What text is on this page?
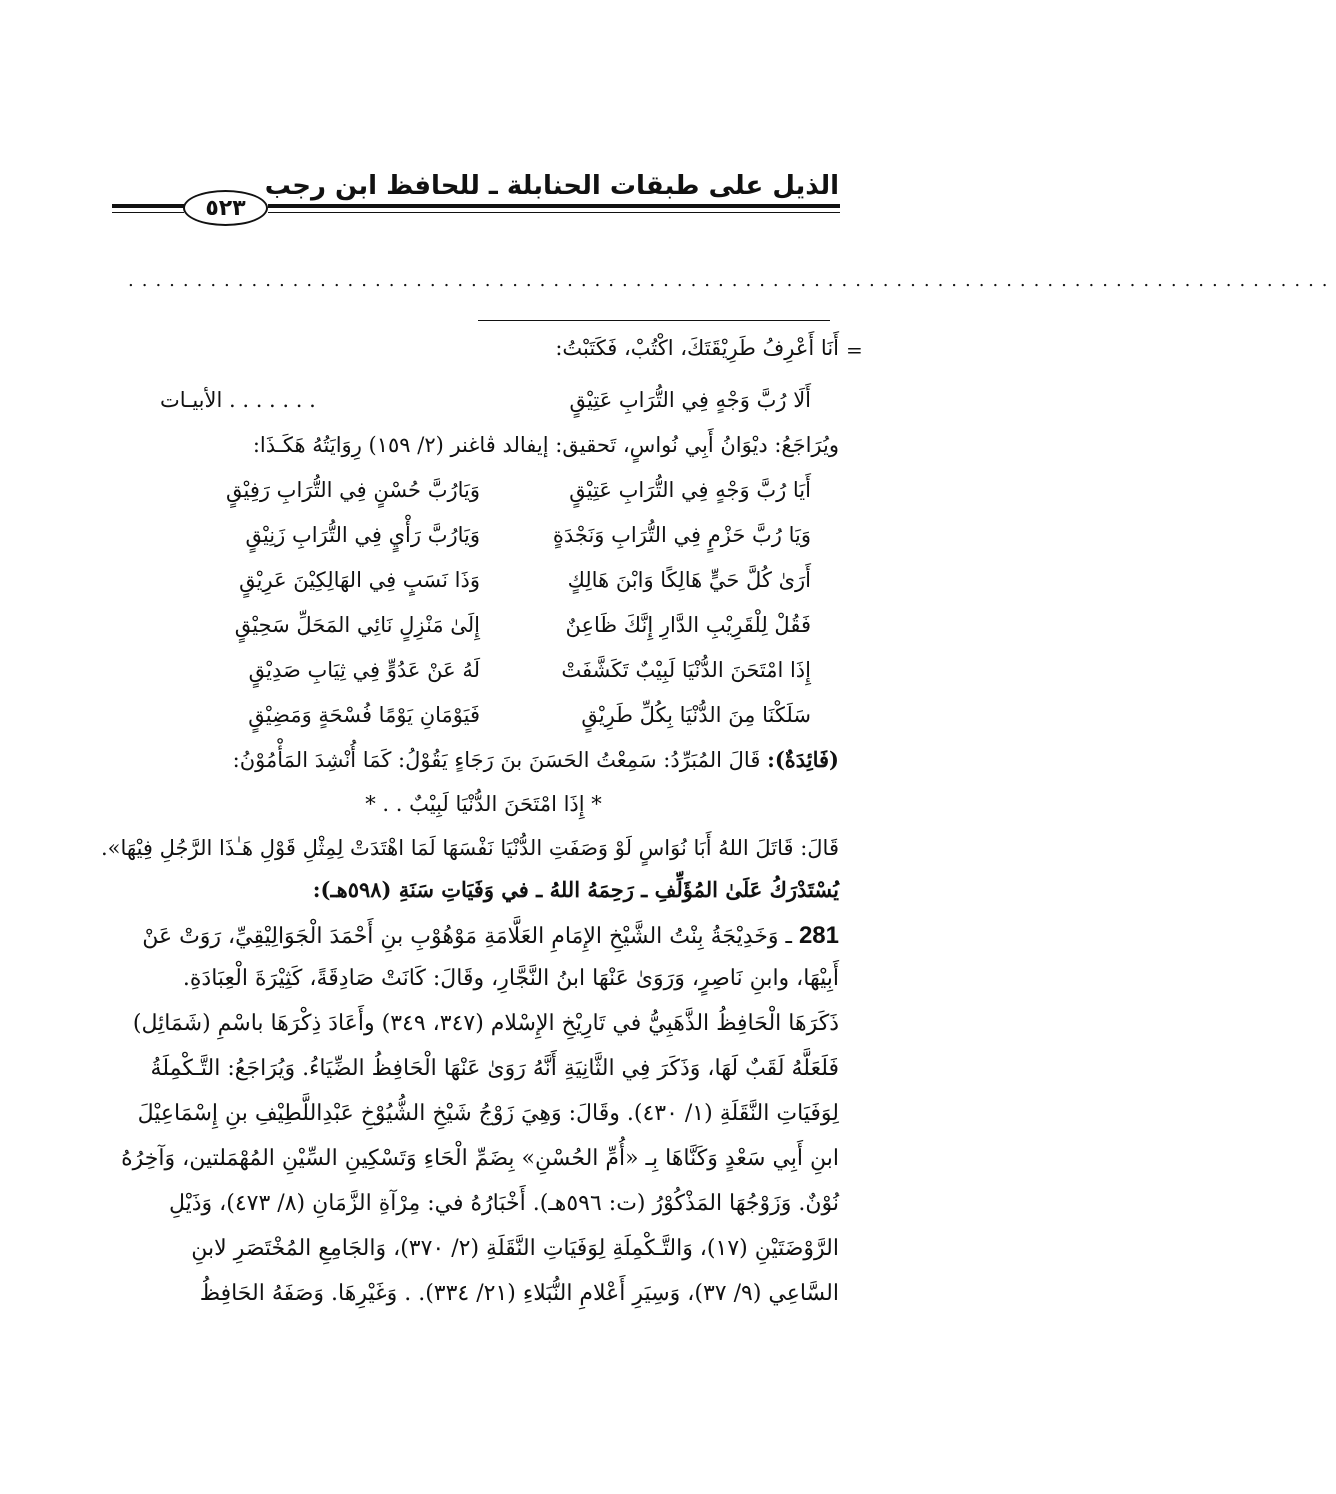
الذيل على طبقات الحنابلة ـ للحافظ ابن رجب
٥٢٣
........................................................................................
=
أَنَا أَعْرِفُ طَرِيْقَتَكَ، اكْتُبْ، فَكَتَبْتُ:
أَلَا رُبَّ وَجْهٍ فِي التُّرَابِ عَتِيْقٍ
. . . . . . . الأبيـات
ويُرَاجَعُ: ديْوَانُ أَبِي نُواسٍ، تَحقيق: إيفالد ڤاغنر (٢/ ١٥٩) رِوَايَتُهُ هَكَـذَا:
أَيَا رُبَّ وَجْهٍ فِي التُّرَابِ عَتِيْقٍ
وَيَارُبَّ حُسْنٍ فِي التُّرَابِ رَفِيْقٍ
وَيَا رُبَّ حَزْمٍ فِي التُّرَابِ وَنَجْدَةٍ
وَيَارُبَّ رَأْيٍ فِي التُّرَابِ زَنِيْقٍ
أَرَىٰ كُلَّ حَيٍّ هَالِكًا وَابْنَ هَالِكٍ
وَذَا نَسَبٍ فِي الهَالِكِيْنَ عَرِيْقٍ
فَقُلْ لِلْقَرِيْبِ الدَّارِ إِنَّكَ ظَاعِنٌ
إِلَىٰ مَنْزِلٍ نَائِي المَحَلِّ سَحِيْقٍ
إِذَا امْتَحَنَ الدُّنْيَا لَبِيْبٌ تَكَشَّفَتْ
لَهُ عَنْ عَدُوٍّ فِي ثِيَابِ صَدِيْقٍ
سَلَكْنَا مِنَ الدُّنْيَا بِكُلِّ طَرِيْقٍ
فَيَوْمَانِ يَوْمًا فُسْحَةٍ وَمَضِيْقٍ
(فَائِدَةٌ): قَالَ المُبَرِّدُ: سَمِعْتُ الحَسَنَ بنَ رَجَاءٍ يَقُوْلُ: كَمَا أُنْشِدَ المَأْمُوْنُ:
* إِذَا امْتَحَنَ الدُّنْيَا لَبِيْبٌ . . *
قَالَ: قَاتَلَ اللهُ أَبَا نُوَاسٍ لَوْ وَصَفَتِ الدُّنْيَا نَفْسَهَا لَمَا اهْتَدَتْ لِمِثْلِ قَوْلِ هَـٰذَا الرَّجُلِ فِيْهَا».
يُسْتَدْرَكُ عَلَىٰ المُؤَلِّفِ ـ رَحِمَهُ اللهُ ـ في وَفَيَاتِ سَنَةِ (٥٩٨هـ):
281 ـ وَخَدِيْجَةُ بِنْتُ الشَّيْخِ الإِمَامِ العَلَّامَةِ مَوْهُوْبِ بنِ أَحْمَدَ الْجَوَالِيْقِيِّ، رَوَتْ عَنْ
أَبِيْهَا، وابنِ نَاصِرٍ، وَرَوَىٰ عَنْهَا ابنُ النَّجَّارِ، وقَالَ: كَانَتْ صَادِقَةً، كَثِيْرَةَ الْعِبَادَةِ.
ذَكَرَهَا الْحَافِظُ الذَّهَبِيُّ في تَارِيْخِ الإِسْلام (٣٤٧، ٣٤٩) وأَعَادَ ذِكْرَهَا باسْمِ (شَمَائِل)
فَلَعَلَّهُ لَقَبٌ لَهَا، وَذَكَرَ فِي الثَّانِيَةِ أَنَّهُ رَوَىٰ عَنْهَا الْحَافِظُ الضِّيَاءُ. وَيُرَاجَعُ: التَّـكْمِلَةُ
لِوَفَيَاتِ النَّقَلَةِ (١/ ٤٣٠). وقَالَ: وَهِيَ زَوْجُ شَيْخِ الشُّيُوْخِ عَبْدِاللَّطِيْفِ بنِ إِسْمَاعِيْلَ
ابنِ أَبِي سَعْدٍ وَكَنَّاهَا بِـ «أُمِّ الحُسْنِ» بِضَمِّ الْحَاءِ وَتَسْكِينِ السِّيْنِ المُهْمَلتين، وَآخِرُهُ
نُوْنٌ. وَزَوْجُهَا المَذْكُوْرُ (ت: ٥٩٦هـ). أَخْبَارُهُ في: مِرْآةِ الزَّمَانِ (٨/ ٤٧٣)، وَذَيْلِ
الرَّوْضَتَيْنِ (١٧)، وَالتَّـكْمِلَةِ لِوَفَيَاتِ النَّقَلَةِ (٢/ ٣٧٠)، وَالجَامِعِ المُخْتَصَرِ لابنِ
السَّاعِي (٩/ ٣٧)، وَسِيَرِ أَعْلامِ النُّبَلاءِ (٢١/ ٣٣٤). . وَغَيْرِهَا. وَصَفَهُ الحَافِظُ
